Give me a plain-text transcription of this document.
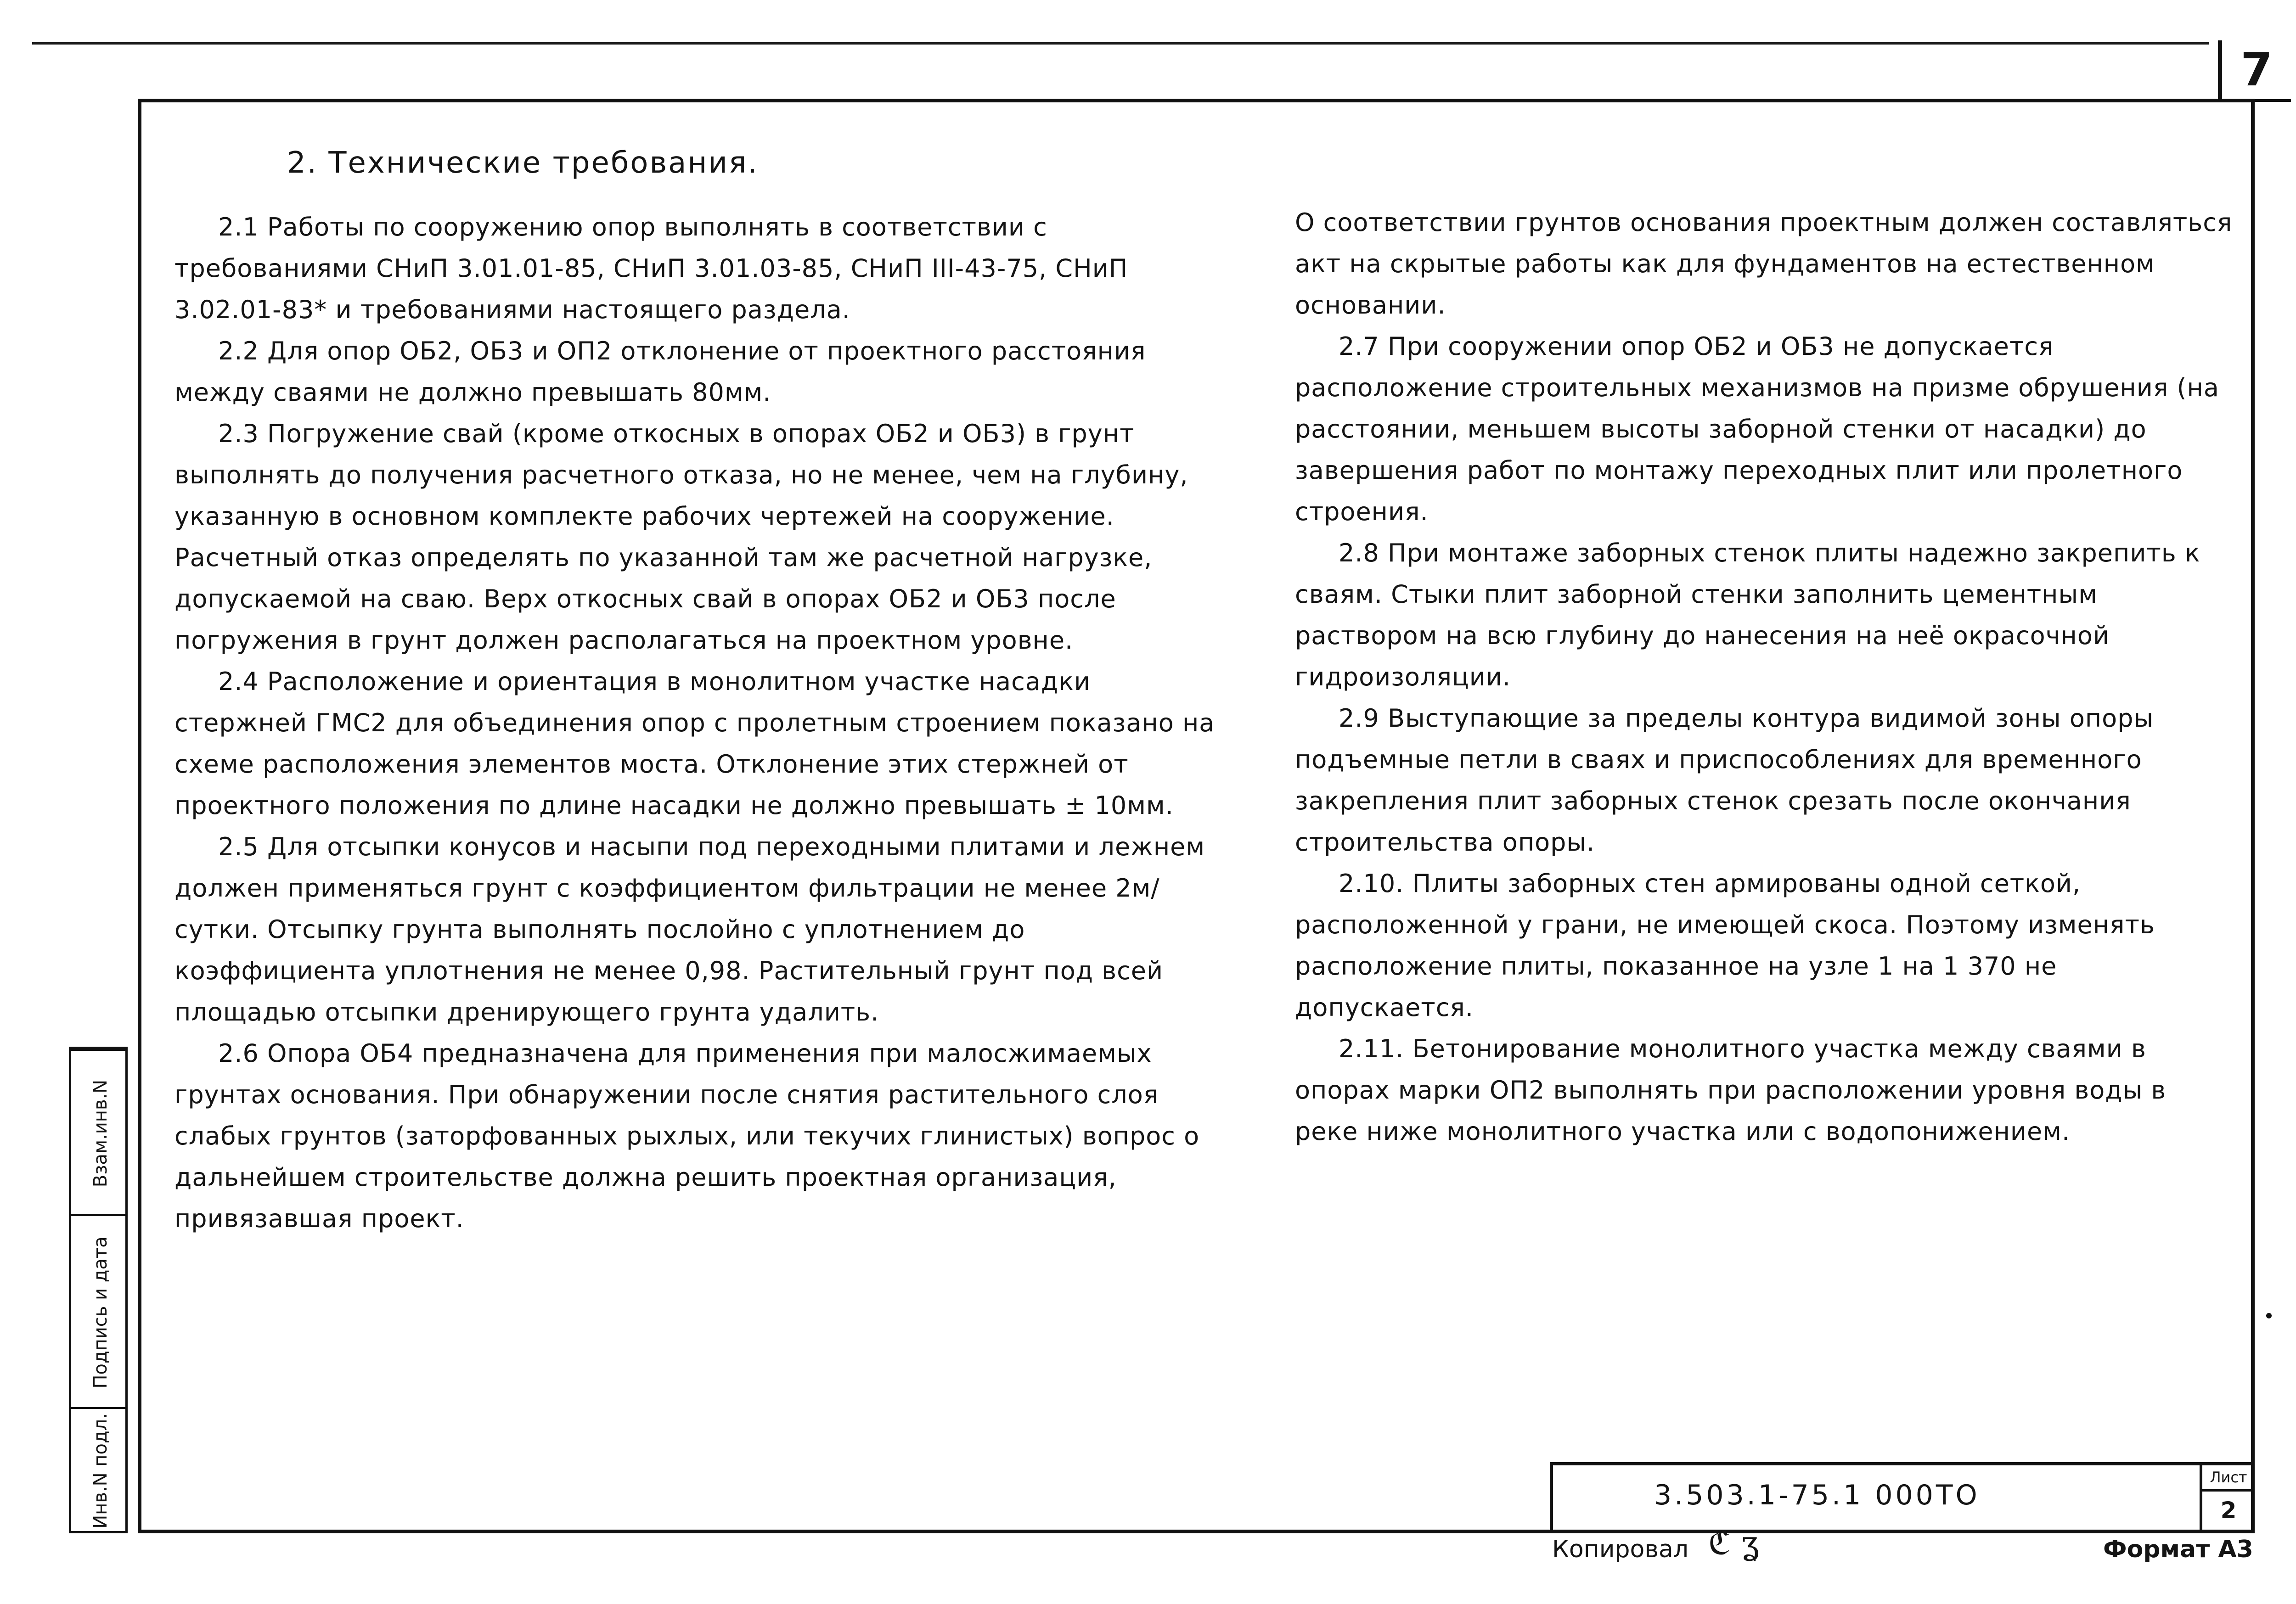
7
Взам.инв.N
Подпись и дата
Инв.N подл.
2. Технические требования.

2.1 Работы по сооружению опор выполнять в соответствии с требованиями СНиП 3.01.01-85, СНиП 3.01.03-85, СНиП III-43-75, СНиП 3.02.01-83* и требованиями настоящего раздела.

2.2 Для опор ОБ2, ОБ3 и ОП2 отклонение от проектного расстояния между сваями не должно превышать 80мм.

2.3 Погружение свай (кроме откосных в опорах ОБ2 и ОБ3) в грунт выполнять до получения расчетного отказа, но не менее, чем на глубину, указанную в основном комплекте рабочих чертежей на сооружение. Расчетный отказ определять по указанной там же расчетной нагрузке, допускаемой на сваю. Верх откосных свай в опорах ОБ2 и ОБ3 после погружения в грунт должен располагаться на проектном уровне.

2.4 Расположение и ориентация в монолитном участке насадки стержней ГМС2 для объединения опор с пролетным строением показано на схеме расположения элементов моста. Отклонение этих стержней от проектного положения по длине насадки не должно превышать ± 10мм.

2.5 Для отсыпки конусов и насыпи под переходными плитами и лежнем должен применяться грунт с коэффициентом фильтрации не менее 2м/сутки. Отсыпку грунта выполнять послойно с уплотнением до коэффициента уплотнения не менее 0,98. Растительный грунт под всей площадью отсыпки дренирующего грунта удалить.

2.6 Опора ОБ4 предназначена для применения при малосжимаемых грунтах основания. При обнаружении после снятия растительного слоя слабых грунтов (заторфованных рыхлых, или текучих глинистых) вопрос о дальнейшем строительстве должна решить проектная организация, привязавшая проект.

О соответствии грунтов основания проектным должен составляться акт на скрытые работы как для фундаментов на естественном основании.

2.7 При сооружении опор ОБ2 и ОБ3 не допускается расположение строительных механизмов на призме обрушения (на расстоянии, меньшем высоты заборной стенки от насадки) до завершения работ по монтажу переходных плит или пролетного строения.

2.8 При монтаже заборных стенок плиты надежно закрепить к сваям. Стыки плит заборной стенки заполнить цементным раствором на всю глубину до нанесения на неё окрасочной гидроизоляции.

2.9 Выступающие за пределы контура видимой зоны опоры подъемные петли в сваях и приспособлениях для временного закрепления плит заборных стенок срезать после окончания строительства опоры.

2.10. Плиты заборных стен армированы одной сеткой, расположенной у грани, не имеющей скоса. Поэтому изменять расположение плиты, показанное на узле 1 на 1 370 не допускается.

2.11. Бетонирование монолитного участка между сваями в опорах марки ОП2 выполнять при расположении уровня воды в реке ниже монолитного участка или с водопонижением.

3.503.1-75.1 000ТО
Лист
2
Копировал ℭ ʓ	Формат А3
